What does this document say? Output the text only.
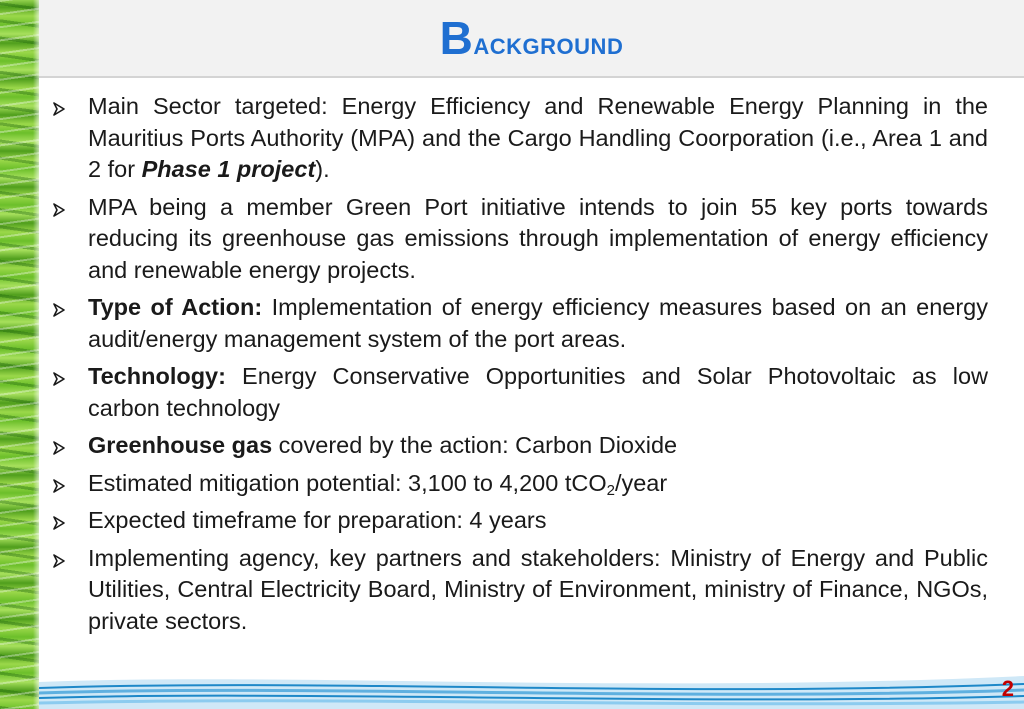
Background
Main Sector targeted: Energy Efficiency and Renewable Energy Planning in the Mauritius Ports Authority (MPA) and the Cargo Handling Coorporation (i.e., Area 1 and 2 for Phase 1 project).
MPA being a member Green Port initiative intends to join 55 key ports towards reducing its greenhouse gas emissions through implementation of energy efficiency and renewable energy projects.
Type of Action: Implementation of energy efficiency measures based on an energy audit/energy management system of the port areas.
Technology: Energy Conservative Opportunities and Solar Photovoltaic as low carbon technology
Greenhouse gas covered by the action: Carbon Dioxide
Estimated mitigation potential: 3,100 to 4,200 tCO$_2$/year
Expected timeframe for preparation: 4 years
Implementing agency, key partners and stakeholders: Ministry of Energy and Public Utilities, Central Electricity Board, Ministry of Environment, ministry of Finance, NGOs, private sectors.
2
